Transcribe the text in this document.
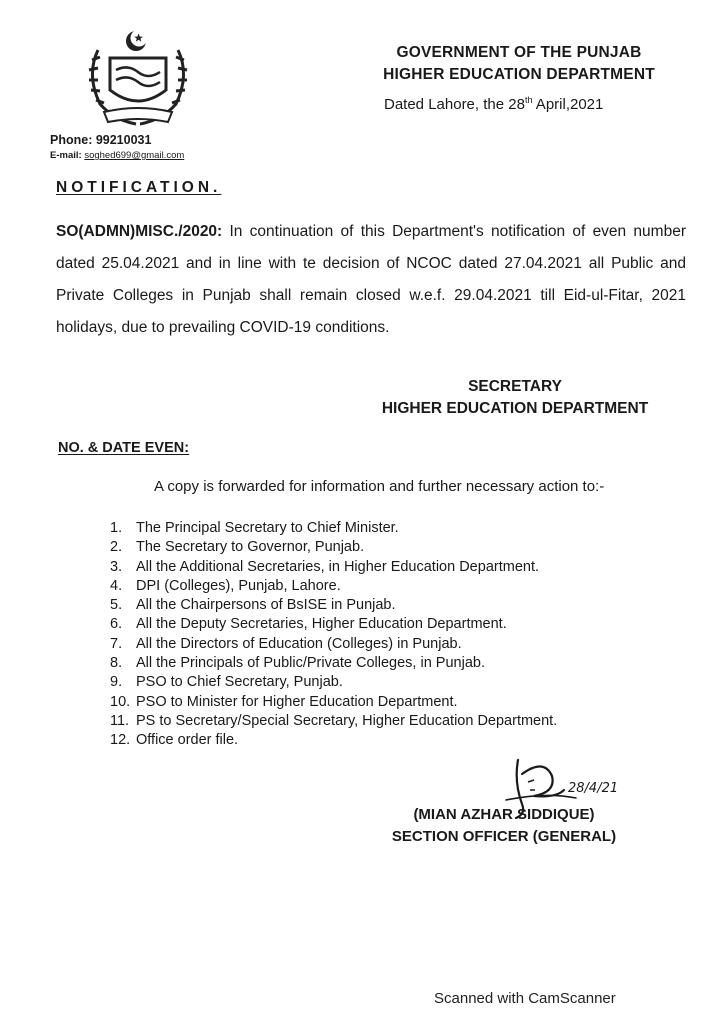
GOVERNMENT OF THE PUNJAB
HIGHER EDUCATION DEPARTMENT
Dated Lahore, the 28th April,2021
Phone: 99210031
E-mail: soghed699@gmail.com
NOTIFICATION.

SO(ADMN)MISC./2020: In continuation of this Department's notification of even number dated 25.04.2021 and in line with te decision of NCOC dated 27.04.2021 all Public and Private Colleges in Punjab shall remain closed w.e.f. 29.04.2021 till Eid-ul-Fitar, 2021 holidays, due to prevailing COVID-19 conditions.

SECRETARY
HIGHER EDUCATION DEPARTMENT
NO. & DATE EVEN:
A copy is forwarded for information and further necessary action to:-
1. The Principal Secretary to Chief Minister.
2. The Secretary to Governor, Punjab.
3. All the Additional Secretaries, in Higher Education Department.
4. DPI (Colleges), Punjab, Lahore.
5. All the Chairpersons of BsISE in Punjab.
6. All the Deputy Secretaries, Higher Education Department.
7. All the Directors of Education (Colleges) in Punjab.
8. All the Principals of Public/Private Colleges, in Punjab.
9. PSO to Chief Secretary, Punjab.
10. PSO to Minister for Higher Education Department.
11. PS to Secretary/Special Secretary, Higher Education Department.
12. Office order file.
28/4/21
(MIAN AZHAR SIDDIQUE)
SECTION OFFICER (GENERAL)
Scanned with CamScanner
